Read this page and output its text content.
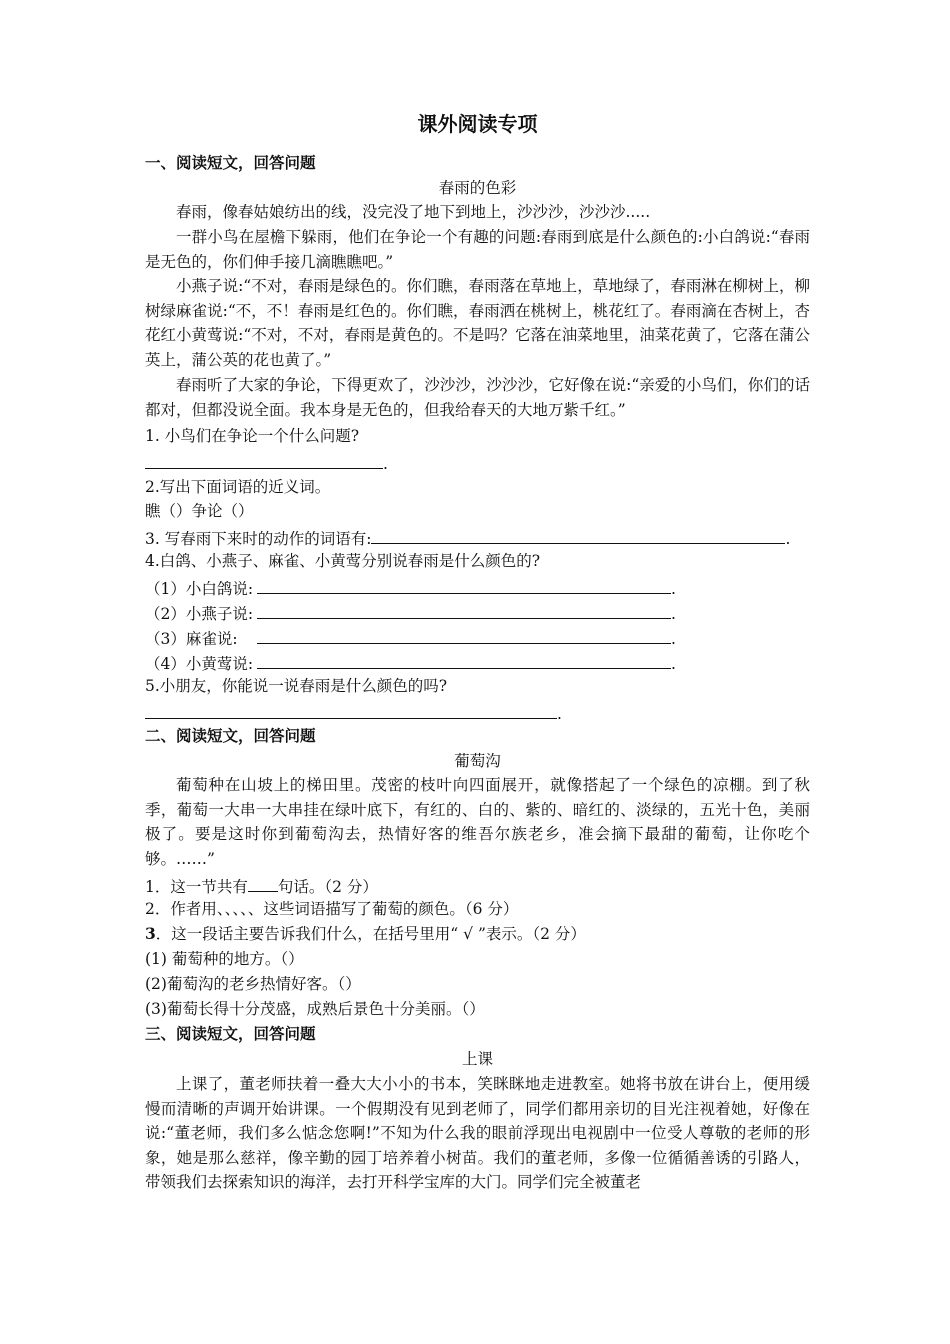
课外阅读专项
一、阅读短文，回答问题
春雨的色彩
春雨，像春姑娘纺出的线，没完没了地下到地上，沙沙沙，沙沙沙.....
一群小鸟在屋檐下躲雨，他们在争论一个有趣的问题:春雨到底是什么颜色的:小白鸽说:“春雨是无色的，你们伸手接几滴瞧瞧吧。”
小燕子说:“不对，春雨是绿色的。你们瞧，春雨落在草地上，草地绿了，春雨淋在柳树上，柳树绿麻雀说:“不，不！春雨是红色的。你们瞧，春雨洒在桃树上，桃花红了。春雨滴在杏树上，杏花红小黄莺说:“不对，不对，春雨是黄色的。不是吗？它落在油菜地里，油菜花黄了，它落在蒲公英上，蒲公英的花也黄了。”
春雨听了大家的争论，下得更欢了，沙沙沙，沙沙沙，它好像在说:“亲爱的小鸟们，你们的话都对，但都没说全面。我本身是无色的，但我给春天的大地万紫千红。”
1. 小鸟们在争论一个什么问题?
.
2.写出下面词语的近义词。
瞧（）争论（）
3. 写春雨下来时的动作的词语有:	.
4.白鸽、小燕子、麻雀、小黄莺分别说春雨是什么颜色的?
（1）小白鸽说:	.
（2）小燕子说:	.
（3）麻雀说:	.
（4）小黄莺说:	.
5.小朋友，你能说一说春雨是什么颜色的吗?
.
二、阅读短文，回答问题
葡萄沟
葡萄种在山坡上的梯田里。茂密的枝叶向四面展开，就像搭起了一个绿色的凉棚。到了秋季，葡萄一大串一大串挂在绿叶底下，有红的、白的、紫的、暗红的、淡绿的，五光十色，美丽极了。要是这时你到葡萄沟去，热情好客的维吾尔族老乡，准会摘下最甜的葡萄，让你吃个够。……”
1．这一节共有 句话。（2 分）
2．作者用、、、、、这些词语描写了葡萄的颜色。（6 分）
3．这一段话主要告诉我们什么，在括号里用“ √ ”表示。（2 分）
(1) 葡萄种的地方。（）
(2)葡萄沟的老乡热情好客。（）
(3)葡萄长得十分茂盛，成熟后景色十分美丽。（）
三、阅读短文，回答问题
上课
上课了，董老师扶着一叠大大小小的书本，笑眯眯地走进教室。她将书放在讲台上，便用缓慢而清晰的声调开始讲课。一个假期没有见到老师了，同学们都用亲切的目光注视着她，好像在说:“董老师，我们多么惦念您啊!”不知为什么我的眼前浮现出电视剧中一位受人尊敬的老师的形象，她是那么慈祥，像辛勤的园丁培养着小树苗。我们的董老师，多像一位循循善诱的引路人，带领我们去探索知识的海洋，去打开科学宝库的大门。同学们完全被董老
